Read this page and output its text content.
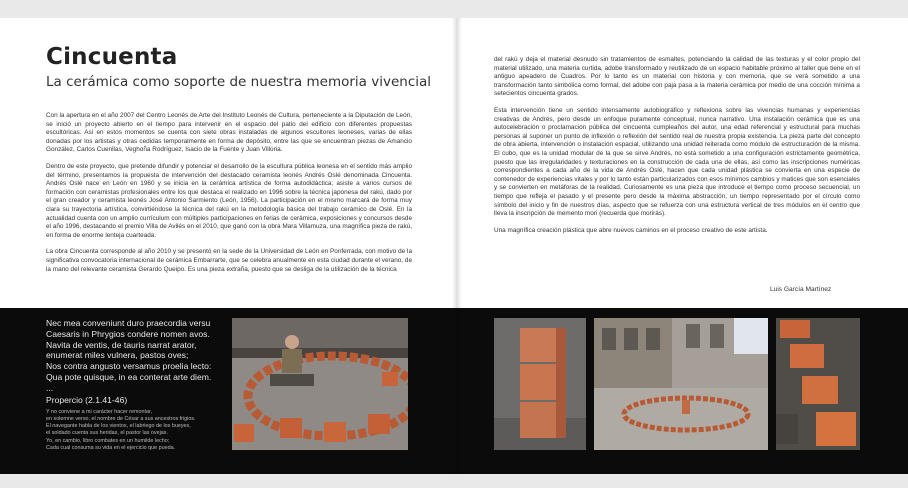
Cincuenta
La cerámica como soporte de nuestra memoria vivencial

Con la apertura en el año 2007 del Centro Leonés de Arte del Instituto Leonés de Cultura, perteneciente a la Diputación de León, se inició un proyecto abierto en el tiempo para intervenir en el espacio del patio del edificio con diferentes propuestas escultóricas. Así en estos momentos se cuenta con siete obras instaladas de algunos escultores leoneses, varias de ellas donadas por los artistas y otras cedidas temporalmente en forma de depósito, entre las que se encuentran piezas de Amancio González, Carlos Cuenllas, Veghoña Rodríguez, Isacio de la Fuente y Juan Villoria.

Dentro de este proyecto, que pretende difundir y potenciar el desarrollo de la escultura pública leonesa en el sentido más amplio del término, presentamos la propuesta de intervención del destacado ceramista leonés Andrés Oslé denominada Cincuenta. Andrés Oslé nace en León en 1960 y se inicia en la cerámica artística de forma autodidáctica; asiste a varios cursos de formación con ceramistas profesionales entre los que destaca el realizado en 1996 sobre la técnica japonesa del rakú, dado por el gran creador y ceramista leonés José Antonio Sarmiento (León, 1956). La participación en el mismo marcará de forma muy clara su trayectoria artística, convirtiéndose la técnica del rakú en la metodología básica del trabajo cerámico de Oslé. En la actualidad cuenta con un amplio currículum con múltiples participaciones en ferias de cerámica, exposiciones y concursos desde el año 1996, destacando el premio Villa de Avilés en el 2010, que ganó con la obra Mara Villamuza, una magnífica pieza de rakú, en forma de enorme lenteja cuarteada.

La obra Cincuenta corresponde al año 2010 y se presentó en la sede de la Universidad de León en Ponferrada, con motivo de la significativa convocatoria internacional de cerámica Embarrarte, que se celebra anualmente en esta ciudad durante el verano, de la mano del relevante ceramista Gerardo Queipo. Es una pieza extraña, puesto que se desliga de la utilización de la técnica

del rakú y deja el material desnudo sin tratamientos de esmaltes, potenciando la calidad de las texturas y el color propio del material utilizado, una materia curtida, adobe transformado y reutilizado de un espacio habitable próximo al taller que tiene en el antiguo apeadero de Cuadros. Por lo tanto es un material con historia y con memoria, que se verá sometido a una transformación tanto simbólica como formal, del adobe con paja pasa a la materia cerámica por medio de una cocción mínima a setecientos cincuenta grados.

Esta intervención tiene un sentido intensamente autobiográfico y reflexiona sobre las vivencias humanas y experiencias creativas de Andrés, pero desde un enfoque puramente conceptual, nunca narrativo. Una instalación cerámica que es una autocelebración o proclamación pública del cincuenta cumpleaños del autor, una edad referencial y estructural para muchas personas al suponer un punto de inflexión o reflexión del sentido real de nuestra propia existencia. La pieza parte del concepto de obra abierta, intervención o instalación espacial, utilizando una unidad reiterada como módulo de estructuración de la misma. El cubo, que es la unidad modular de la que se sirve Andrés, no está sometido a una configuración estrictamente geométrica, puesto que las irregularidades y texturaciones en la construcción de cada una de ellas, así como las inscripciones numéricas correspondientes a cada año de la vida de Andrés Oslé, hacen que cada unidad plástica se convierta en una especie de contenedor de experiencias vitales y por lo tanto están particularizados con esos mínimos cambios y matices que son esenciales y se convierten en metáforas de la realidad. Curiosamente es una pieza que introduce el tiempo como proceso secuencial, un tiempo que refleja el pasado y el presente pero desde la máxima abstracción, un tiempo representado por el círculo como símbolo del inicio y fin de nuestros días, aspecto que se refuerza con una estructura vertical de tres módulos en el centro que lleva la inscripción de memento mori (recuerda que morirás).

Una magnífica creación plástica que abre nuevos caminos en el proceso creativo de este artista.

Luis García Martínez
Nec mea conveniunt duro praecordia versu
Caesaris in Phrygios condere nomen avos.
Navita de ventis, de tauris narrat arator,
enumerat miles vulnera, pastos oves;
Nos contra angusto versamus proelia lecto:
Qua pote quisque, in ea conterat arte diem.
...
Propercio (2.1.41-46)
Y no conviene a mi carácter hacer remontar,
en solemne verso, el nombre de César a sus ancestros frigios.
El navegante habla de los vientos, el labriego de los bueyes,
el soldado cuenta sus heridas, el pastor las ovejas.
Yo, en cambio, libro combates en un humilde lecho;
Cada cual consuma su vida en el ejercicio que pueda.
